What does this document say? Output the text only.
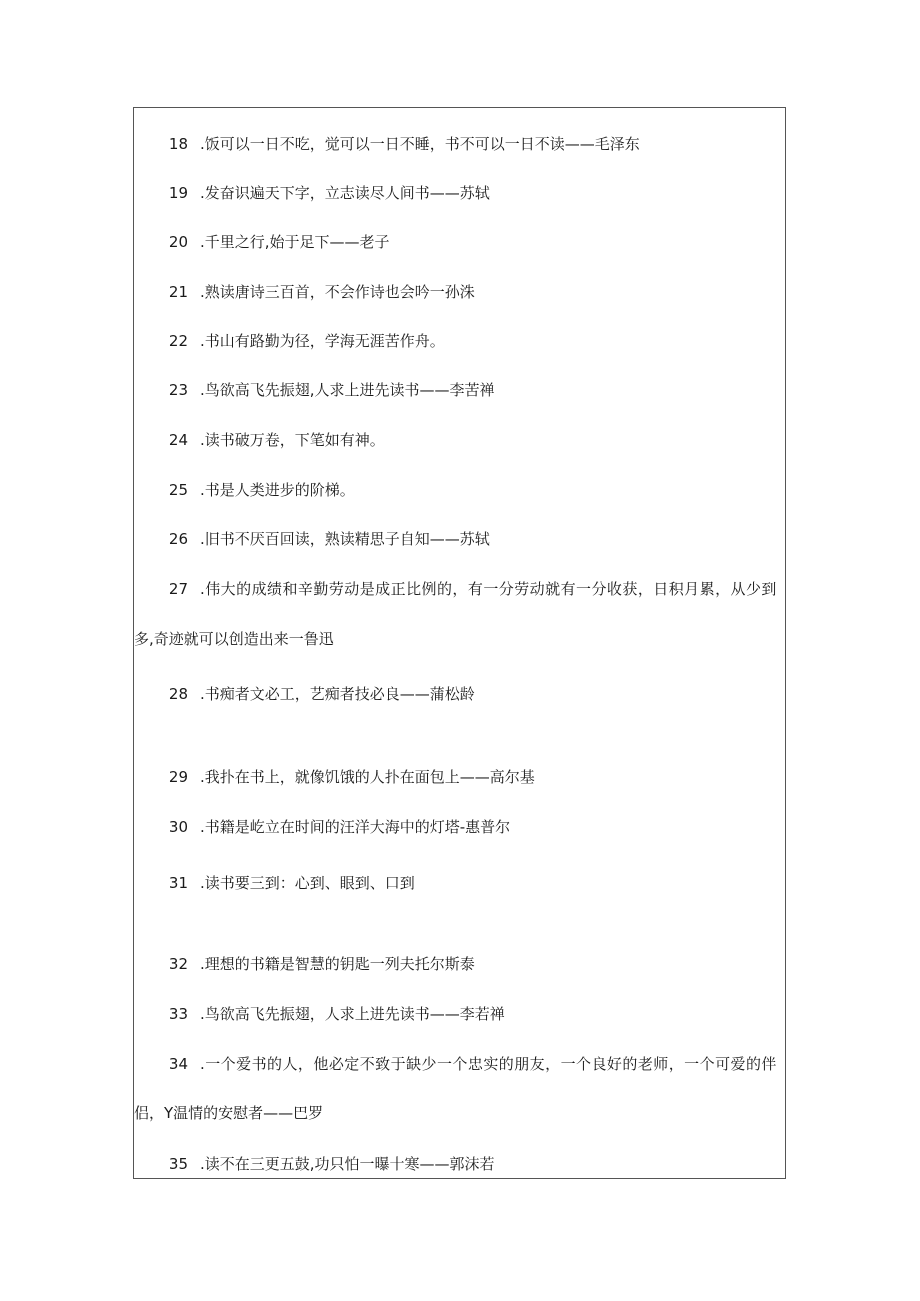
18 .饭可以一日不吃，觉可以一日不睡，书不可以一日不读——毛泽东
19 .发奋识遍天下字，立志读尽人间书——苏轼
20 .千里之行,始于足下——老子
21 .熟读唐诗三百首，不会作诗也会吟一孙洙
22 .书山有路勤为径，学海无涯苦作舟。
23 .鸟欲高飞先振翅,人求上进先读书——李苦禅
24 .读书破万卷，下笔如有神。
25 .书是人类进步的阶梯。
26 .旧书不厌百回读，熟读精思子自知——苏轼
27 .伟大的成绩和辛勤劳动是成正比例的，有一分劳动就有一分收获，日积月累，从少到
多,奇迹就可以创造出来一鲁迅
28 .书痴者文必工，艺痴者技必良——蒲松龄
29 .我扑在书上，就像饥饿的人扑在面包上——高尔基
30 .书籍是屹立在时间的汪洋大海中的灯塔-惠普尔
31 .读书要三到：心到、眼到、口到
32 .理想的书籍是智慧的钥匙一列夫托尔斯泰
33 .鸟欲高飞先振翅，人求上进先读书——李若禅
34 .一个爱书的人，他必定不致于缺少一个忠实的朋友，一个良好的老师，一个可爱的伴
侣，Y温情的安慰者——巴罗
35 .读不在三更五鼓,功只怕一曝十寒——郭沫若
